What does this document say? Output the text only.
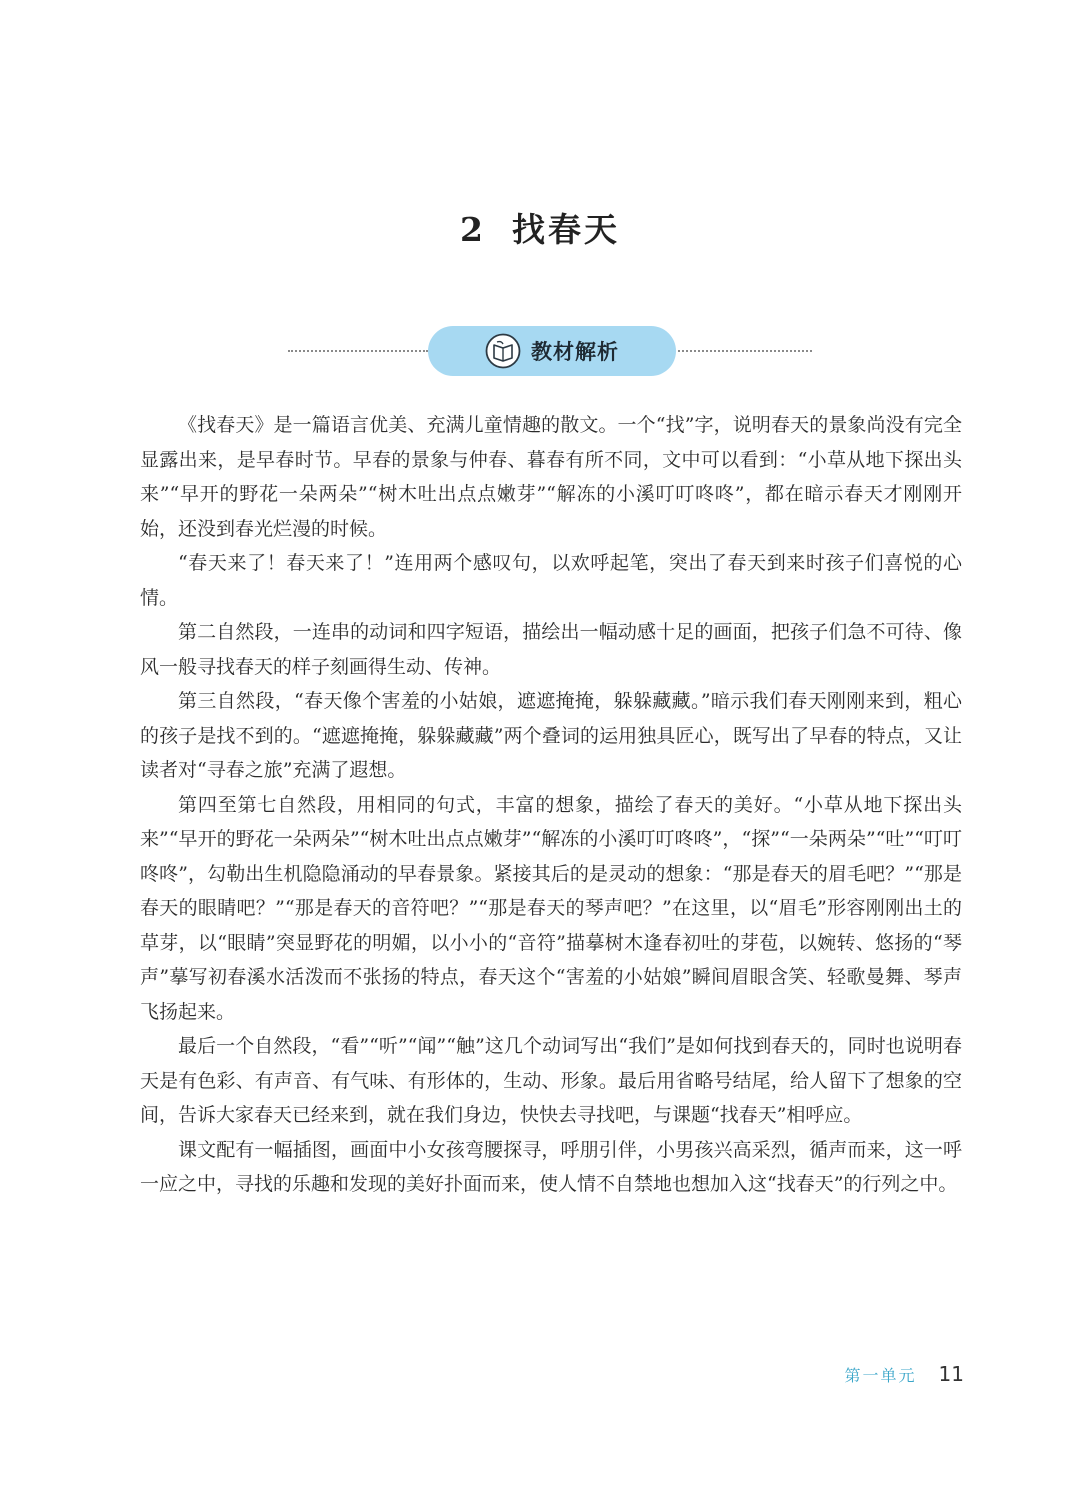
2 找春天
教材解析

《找春天》是一篇语言优美、充满儿童情趣的散文。一个“找”字，说明春天的景象尚没有完全显露出来，是早春时节。早春的景象与仲春、暮春有所不同，文中可以看到：“小草从地下探出头来”“早开的野花一朵两朵”“树木吐出点点嫩芽”“解冻的小溪叮叮咚咚”，都在暗示春天才刚刚开始，还没到春光烂漫的时候。

“春天来了！春天来了！”连用两个感叹句，以欢呼起笔，突出了春天到来时孩子们喜悦的心情。

第二自然段，一连串的动词和四字短语，描绘出一幅动感十足的画面，把孩子们急不可待、像风一般寻找春天的样子刻画得生动、传神。

第三自然段，“春天像个害羞的小姑娘，遮遮掩掩，躲躲藏藏。”暗示我们春天刚刚来到，粗心的孩子是找不到的。“遮遮掩掩，躲躲藏藏”两个叠词的运用独具匠心，既写出了早春的特点，又让读者对“寻春之旅”充满了遐想。

第四至第七自然段，用相同的句式，丰富的想象，描绘了春天的美好。“小草从地下探出头来”“早开的野花一朵两朵”“树木吐出点点嫩芽”“解冻的小溪叮叮咚咚”，“探”“一朵两朵”“吐”“叮叮咚咚”，勾勒出生机隐隐涌动的早春景象。紧接其后的是灵动的想象：“那是春天的眉毛吧？”“那是春天的眼睛吧？”“那是春天的音符吧？”“那是春天的琴声吧？”在这里，以“眉毛”形容刚刚出土的草芽，以“眼睛”突显野花的明媚，以小小的“音符”描摹树木逢春初吐的芽苞，以婉转、悠扬的“琴声”摹写初春溪水活泼而不张扬的特点，春天这个“害羞的小姑娘”瞬间眉眼含笑、轻歌曼舞、琴声飞扬起来。

最后一个自然段，“看”“听”“闻”“触”这几个动词写出“我们”是如何找到春天的，同时也说明春天是有色彩、有声音、有气味、有形体的，生动、形象。最后用省略号结尾，给人留下了想象的空间，告诉大家春天已经来到，就在我们身边，快快去寻找吧，与课题“找春天”相呼应。

课文配有一幅插图，画面中小女孩弯腰探寻，呼朋引伴，小男孩兴高采烈，循声而来，这一呼一应之中，寻找的乐趣和发现的美好扑面而来，使人情不自禁地也想加入这“找春天”的行列之中。

第一单元 11
